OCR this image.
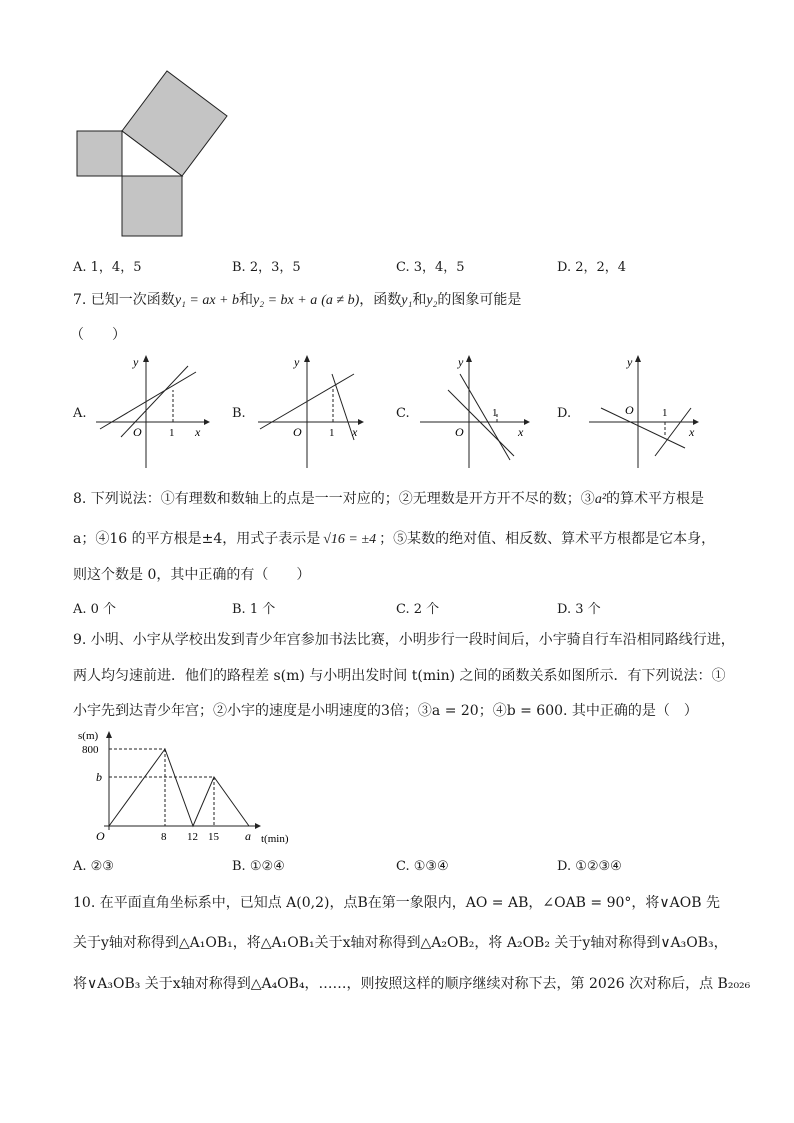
A. 1，4，5	B. 2，3，5	C. 3，4，5	D. 2，2，4
7. 已知一次函数y₁ = ax + b和y₂ = bx + a (a ≠ b)，函数y₁和y₂的图象可能是
（　　）
A.	B.	C.	D.
y
x
O 1
y
x
O 1
y
x
O
1
y
x
O	1
8. 下列说法：①有理数和数轴上的点是一一对应的；②无理数是开方开不尽的数；③a²的算术平方根是
a；④16 的平方根是±4，用式子表示是 √16 = ±4 ；⑤某数的绝对值、相反数、算术平方根都是它本身，
则这个数是 0，其中正确的有（　　）
A. 0 个	B. 1 个	C. 2 个	D. 3 个
9. 小明、小宇从学校出发到青少年宫参加书法比赛，小明步行一段时间后，小宇骑自行车沿相同路线行进，
两人均匀速前进．他们的路程差 s(m) 与小明出发时间 t(min) 之间的函数关系如图所示．有下列说法：①
小宇先到达青少年宫；②小宇的速度是小明速度的3倍；③a = 20；④b = 600. 其中正确的是（　）
s(m)
800
b
O	8 12 15 a t(min)
A. ②③	B. ①②④	C. ①③④	D. ①②③④
10. 在平面直角坐标系中，已知点 A(0,2)，点B在第一象限内，AO = AB，∠OAB = 90°，将∨AOB 先
关于y轴对称得到△A₁OB₁，将△A₁OB₁关于x轴对称得到△A₂OB₂，将 A₂OB₂ 关于y轴对称得到∨A₃OB₃，
将∨A₃OB₃ 关于x轴对称得到△A₄OB₄，……，则按照这样的顺序继续对称下去，第 2026 次对称后，点 B₂₀₂₆
